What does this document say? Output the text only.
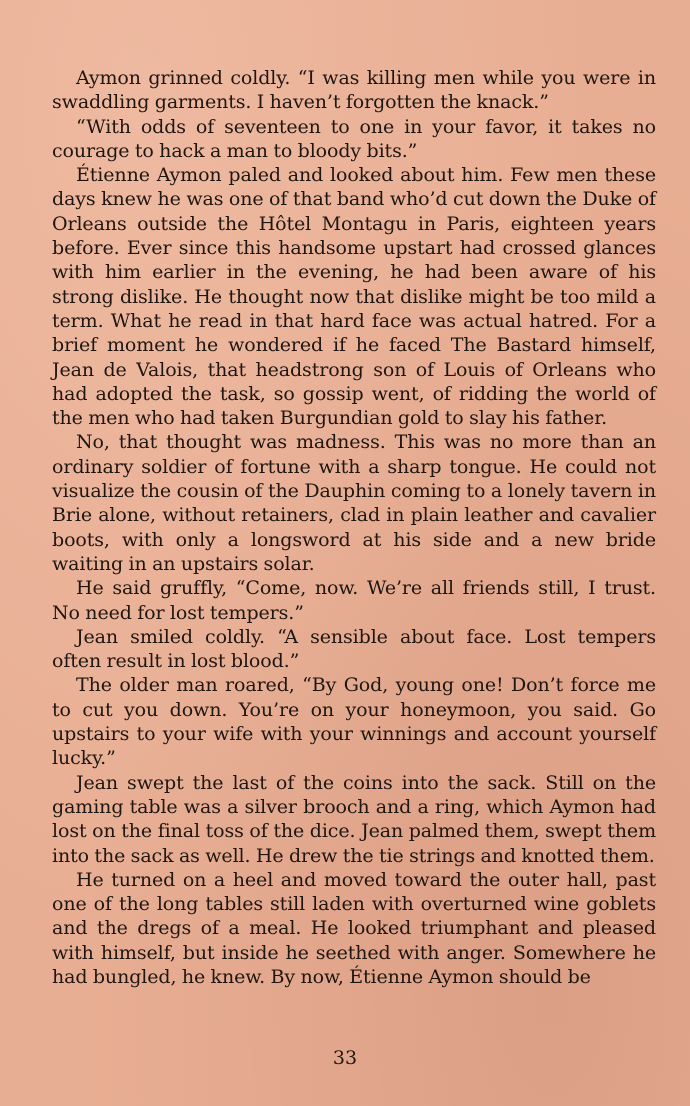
Aymon grinned coldly. “I was killing men while you were in swaddling garments. I haven’t forgotten the knack.”

“With odds of seventeen to one in your favor, it takes no courage to hack a man to bloody bits.”

Étienne Aymon paled and looked about him. Few men these days knew he was one of that band who’d cut down the Duke of Orleans outside the Hôtel Montagu in Paris, eighteen years before. Ever since this handsome upstart had crossed glances with him earlier in the evening, he had been aware of his strong dislike. He thought now that dislike might be too mild a term. What he read in that hard face was actual hatred. For a brief moment he wondered if he faced The Bastard himself, Jean de Valois, that headstrong son of Louis of Orleans who had adopted the task, so gossip went, of ridding the world of the men who had taken Burgundian gold to slay his father.

No, that thought was madness. This was no more than an ordinary soldier of fortune with a sharp tongue. He could not visualize the cousin of the Dauphin coming to a lonely tavern in Brie alone, without retainers, clad in plain leather and cavalier boots, with only a longsword at his side and a new bride waiting in an upstairs solar.

He said gruffly, “Come, now. We’re all friends still, I trust. No need for lost tempers.”

Jean smiled coldly. “A sensible about face. Lost tempers often result in lost blood.”

The older man roared, “By God, young one! Don’t force me to cut you down. You’re on your honeymoon, you said. Go upstairs to your wife with your winnings and account yourself lucky.”

Jean swept the last of the coins into the sack. Still on the gaming table was a silver brooch and a ring, which Aymon had lost on the final toss of the dice. Jean palmed them, swept them into the sack as well. He drew the tie strings and knotted them.

He turned on a heel and moved toward the outer hall, past one of the long tables still laden with overturned wine goblets and the dregs of a meal. He looked triumphant and pleased with himself, but inside he seethed with anger. Somewhere he had bungled, he knew. By now, Étienne Aymon should be

33
